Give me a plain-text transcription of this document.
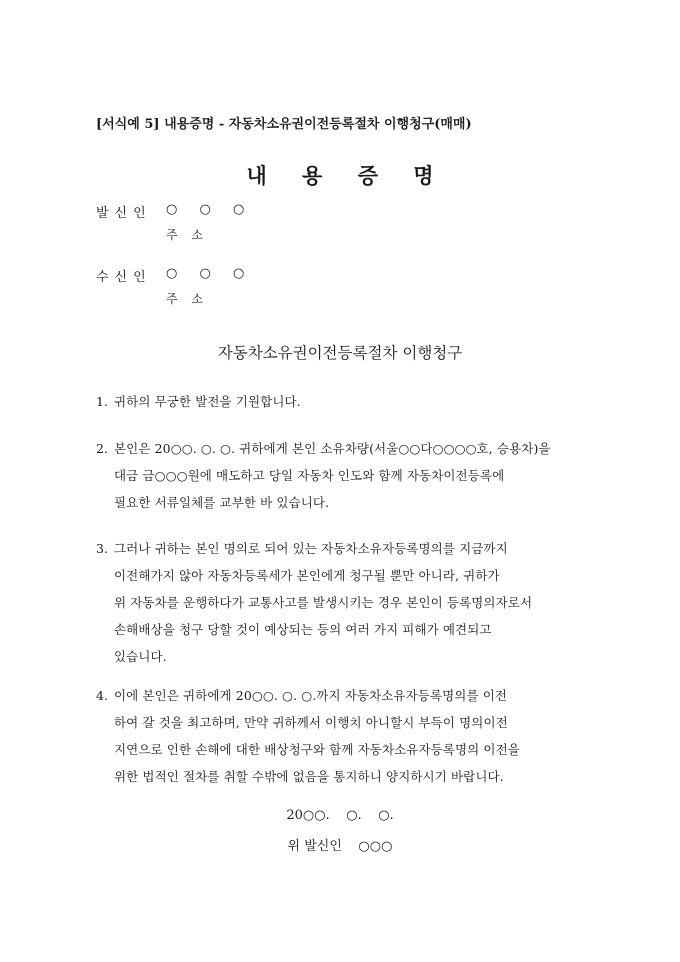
[서식예 5] 내용증명 - 자동차소유권이전등록절차 이행청구(매매)
내 용 증 명
발신인 ○ ○ ○
주 소
수신인 ○ ○ ○
주 소
자동차소유권이전등록절차 이행청구
1. 귀하의 무궁한 발전을 기원합니다.
2. 본인은 20○○. ○. ○. 귀하에게 본인 소유차량(서울○○다○○○○호, 승용차)을
대금 금○○○원에 매도하고 당일 자동차 인도와 함께 자동차이전등록에
필요한 서류일체를 교부한 바 있습니다.
3. 그러나 귀하는 본인 명의로 되어 있는 자동차소유자등록명의를 지금까지
이전해가지 않아 자동차등록세가 본인에게 청구될 뿐만 아니라, 귀하가
위 자동차를 운행하다가 교통사고를 발생시키는 경우 본인이 등록명의자로서
손해배상을 청구 당할 것이 예상되는 등의 여러 가지 피해가 예견되고
있습니다.
4. 이에 본인은 귀하에게 20○○. ○. ○.까지 자동차소유자등록명의를 이전
하여 갈 것을 최고하며, 만약 귀하께서 이행치 아니할시 부득이 명의이전
지연으로 인한 손해에 대한 배상청구와 함께 자동차소유자등록명의 이전을
위한 법적인 절차를 취할 수밖에 없음을 통지하니 양지하시기 바랍니다.
20○○.    ○.    ○.
위 발신인    ○○○
